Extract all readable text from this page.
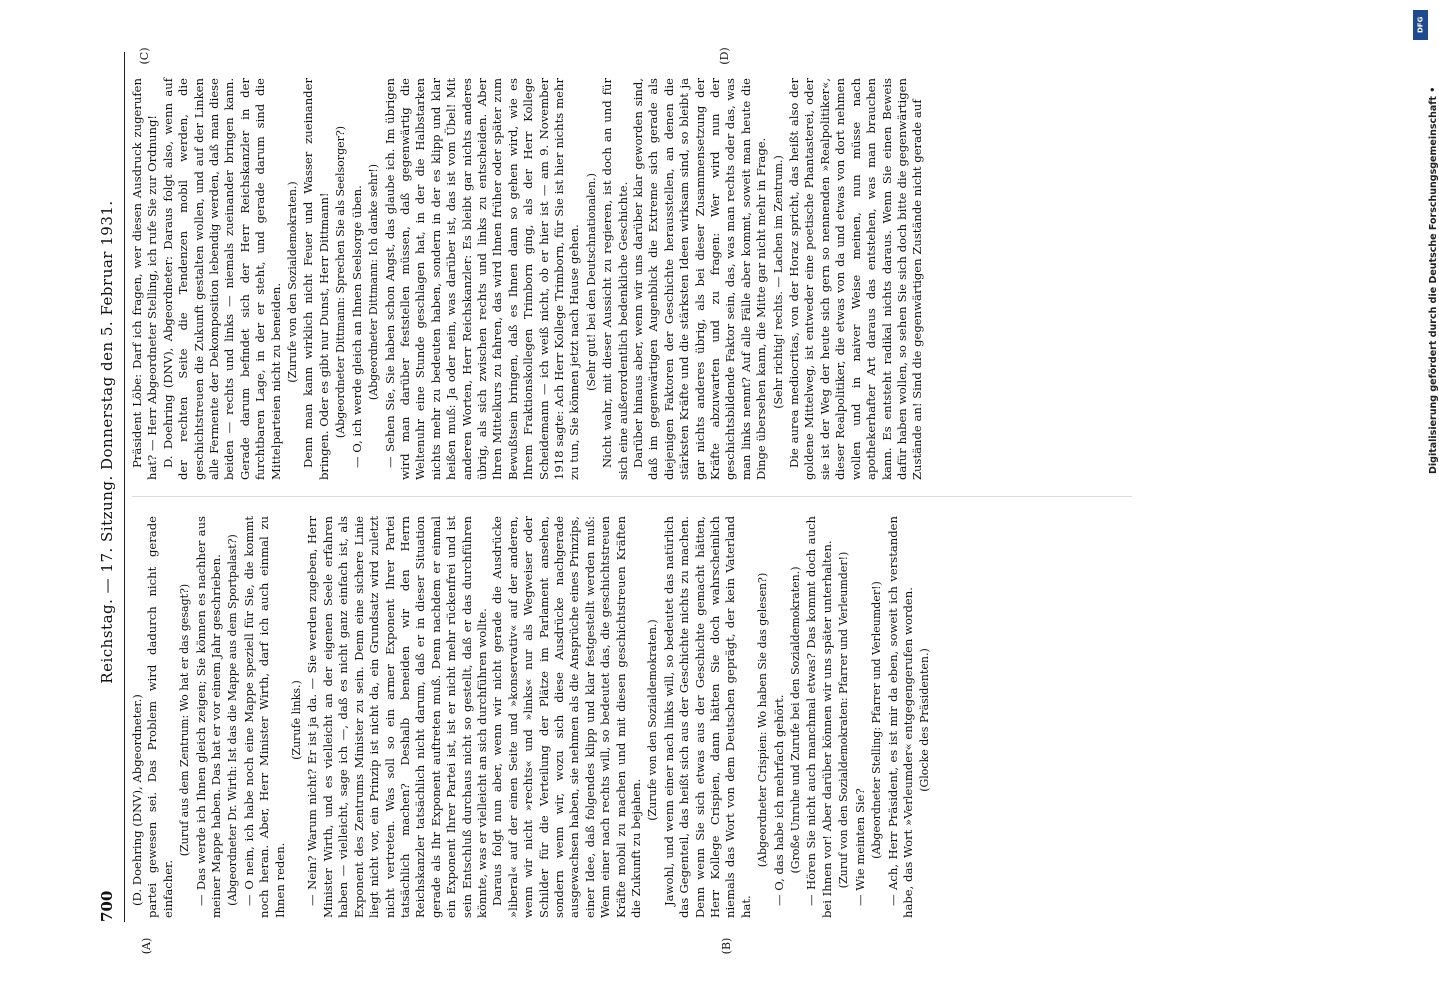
700
Reichstag. — 17. Sitzung. Donnerstag den 5. Februar 1931.
(A)	(B)
(C)	(D)

(D. Doehring (DNV), Abgeordneter.) partei gewesen sei. Das Problem wird dadurch nicht gerade einfacher.

(Zuruf aus dem Zentrum: Wo hat er das gesagt?) — Das werde ich Ihnen gleich zeigen; Sie können es nachher aus meiner Mappe haben. Das hat er vor einem Jahr geschrieben. (Abgeordneter Dr. Wirth: Ist das die Mappe aus dem Sportpalast?) — O nein, ich habe noch eine Mappe speziell für Sie, die kommt noch heran. Aber, Herr Minister Wirth, darf ich auch einmal zu Ihnen reden.

(Zurufe links.) — Nein? Warum nicht? Er ist ja da. — Sie werden zugeben, Herr Minister Wirth, und es vielleicht an der eigenen Seele erfahren haben — vielleicht, sage ich —, daß es nicht ganz einfach ist, als Exponent des Zentrums Minister zu sein. Denn eine sichere Linie liegt nicht vor, ein Prinzip ist nicht da, ein Grundsatz wird zuletzt nicht vertreten. Was soll so ein armer Exponent Ihrer Partei tatsächlich machen? Deshalb beneiden wir den Herrn Reichskanzler tatsächlich nicht darum, daß er in dieser Situation gerade als Ihr Exponent auftreten muß. Denn nachdem er einmal ein Exponent Ihrer Partei ist, ist er nicht mehr rückenfrei und ist sein Entschluß durchaus nicht so gestellt, daß er das durchführen könnte, was er vielleicht an sich durchführen wollte. Daraus folgt nun aber, wenn wir nicht gerade die Ausdrücke »liberal« auf der einen Seite und »konservativ« auf der anderen, wenn wir nicht »rechts« und »links« nur als Wegweiser oder Schilder für die Verteilung der Plätze im Parlament ansehen, sondern wenn wir, wozu sich diese Ausdrücke nachgerade ausgewachsen haben, sie nehmen als die Ansprüche eines Prinzips, einer Idee, daß folgendes klipp und klar festgestellt werden muß: Wenn einer nach rechts will, so bedeutet das, die geschichtstreuen Kräfte mobil zu machen und mit diesen geschichtstreuen Kräften die Zukunft zu bejahen.

(Zurufe von den Sozialdemokraten.) Jawohl, und wenn einer nach links will, so bedeutet das natürlich das Gegenteil, das heißt sich aus der Geschichte nichts zu machen. Denn wenn Sie sich etwas aus der Geschichte gemacht hätten, Herr Kollege Crispien, dann hätten Sie doch wahrscheinlich niemals das Wort von dem Deutschen geprägt, der kein Vaterland hat.

(Abgeordneter Crispien: Wo haben Sie das gelesen?) — O, das habe ich mehrfach gehört. (Große Unruhe und Zurufe bei den Sozialdemokraten.) — Hören Sie nicht auch manchmal etwas? Das kommt doch auch bei Ihnen vor! Aber darüber können wir uns später unterhalten. (Zuruf von den Sozialdemokraten: Pfarrer und Verleumder!) — Wie meinten Sie? (Abgeordneter Stelling: Pfarrer und Verleumder!) — Ach, Herr Präsident, es ist mir da eben, soweit ich verstanden habe, das Wort »Verleumder« entgegengerufen worden. (Glocke des Präsidenten.)

Präsident Löbe: Darf ich fragen, wer diesen Ausdruck zugerufen hat? — Herr Abgeordneter Stelling, ich rufe Sie zur Ordnung! D. Doehring (DNV), Abgeordneter: Daraus folgt also, wenn auf der rechten Seite die Tendenzen mobil werden, die geschichtstreuen die Zukunft gestalten wollen, und auf der Linken alle Fermente der Dekomposition lebendig werden, daß man diese beiden — rechts und links — niemals zueinander bringen kann. Gerade darum befindet sich der Herr Reichskanzler in der furchtbaren Lage, in der er steht, und gerade darum sind die Mittelparteien nicht zu beneiden. (Zurufe von den Sozialdemokraten.) Denn man kann wirklich nicht Feuer und Wasser zueinander bringen. Oder es gibt nur Dunst, Herr Dittmann! (Abgeordneter Dittmann: Sprechen Sie als Seelsorger?) — O, ich werde gleich an Ihnen Seelsorge üben. (Abgeordneter Dittmann: Ich danke sehr!) — Sehen Sie, Sie haben schon Angst, das glaube ich. Im übrigen wird man darüber feststellen müssen, daß gegenwärtig die Weltenuhr eine Stunde geschlagen hat, in der die Halbstarken nichts mehr zu bedeuten haben, sondern in der es klipp und klar heißen muß: Ja oder nein, was darüber ist, das ist vom Übel! Mit anderen Worten, Herr Reichskanzler: Es bleibt gar nichts anderes übrig, als sich zwischen rechts und links zu entscheiden. Aber Ihren Mittelkurs zu fahren, das wird Ihnen früher oder später zum Bewußtsein bringen, daß es Ihnen dann so gehen wird, wie es Ihrem Fraktionskollegen Trimborn ging, als der Herr Kollege Scheidemann — ich weiß nicht, ob er hier ist — am 9. November 1918 sagte: Ach Herr Kollege Trimborn, für Sie ist hier nichts mehr zu tun, Sie können jetzt nach Hause gehen. (Sehr gut! bei den Deutschnationalen.) Nicht wahr, mit dieser Aussicht zu regieren, ist doch an und für sich eine außerordentlich bedenkliche Geschichte. Darüber hinaus aber, wenn wir uns darüber klar geworden sind, daß im gegenwärtigen Augenblick die Extreme sich gerade als diejenigen Faktoren der Geschichte herausstellen, an denen die stärksten Kräfte und die stärksten Ideen wirksam sind, so bleibt ja gar nichts anderes übrig, als bei dieser Zusammensetzung der Kräfte abzuwarten und zu fragen: Wer wird nun der geschichtsbildende Faktor sein, das, was man rechts oder das, was man links nennt? Auf alle Fälle aber kommt, soweit man heute die Dinge übersehen kann, die Mitte gar nicht mehr in Frage. (Sehr richtig! rechts. — Lachen im Zentrum.) Die aurea mediocritas, von der Horaz spricht, das heißt also der goldene Mittelweg, ist entweder eine poetische Phantasterei, oder sie ist der Weg der heute sich gern so nennenden »Realpolitiker«, dieser Realpolitiker, die etwas von da und etwas von dort nehmen wollen und in naiver Weise meinen, nun müsse nach apothekerhafter Art daraus das entstehen, was man brauchen kann. Es entsteht radikal nichts daraus. Wenn Sie einen Beweis dafür haben wollen, so sehen Sie sich doch bitte die gegenwärtigen Zustände an! Sind die gegenwärtigen Zustände nicht gerade auf

DFG
Digitalisierung gefördert durch die Deutsche Forschungsgemeinschaft •
